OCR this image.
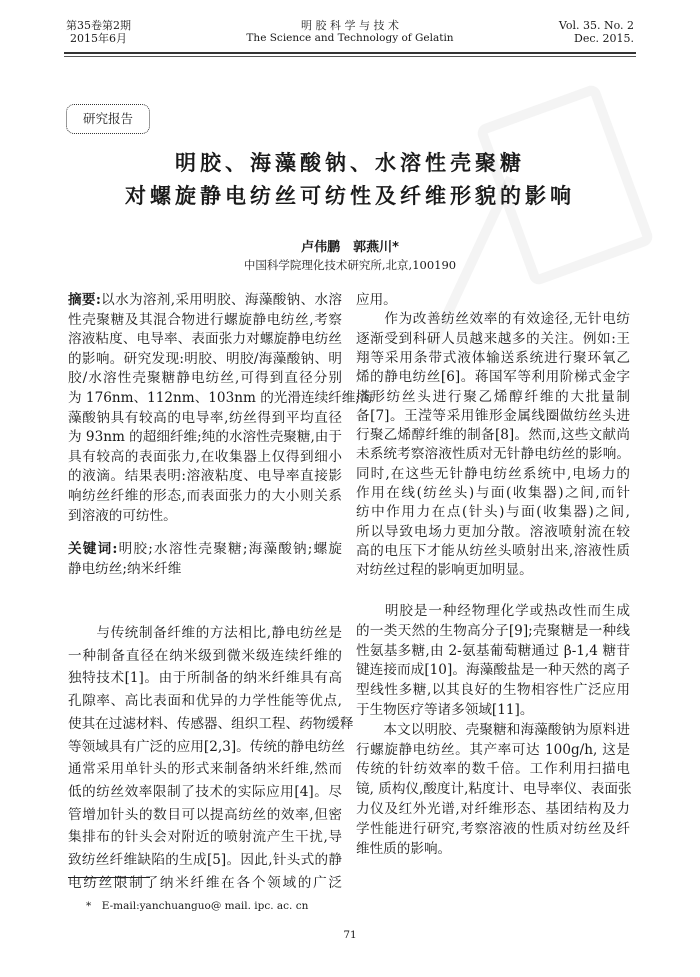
第35卷第2期
2015年6月
明 胶 科 学 与 技 术
The Science and Technology of Gelatin
Vol. 35. No. 2
Dec. 2015.
研究报告
明胶、海藻酸钠、水溶性壳聚糖
对螺旋静电纺丝可纺性及纤维形貌的影响
卢伟鹏　郭燕川*
中国科学院理化技术研究所,北京,100190
摘要:以水为溶剂,采用明胶、海藻酸钠、水溶
性壳聚糖及其混合物进行螺旋静电纺丝,考察
溶液粘度、电导率、表面张力对螺旋静电纺丝
的影响。研究发现:明胶、明胶/海藻酸钠、明
胶/水溶性壳聚糖静电纺丝,可得到直径分别
为 176nm、112nm、103nm 的光滑连续纤维;海
藻酸钠具有较高的电导率,纺丝得到平均直径
为 93nm 的超细纤维;纯的水溶性壳聚糖,由于
具有较高的表面张力,在收集器上仅得到细小
的液滴。结果表明:溶液粘度、电导率直接影
响纺丝纤维的形态,而表面张力的大小则关系
到溶液的可纺性。
关键词:明胶;水溶性壳聚糖;海藻酸钠;螺旋
静电纺丝;纳米纤维
　　与传统制备纤维的方法相比,静电纺丝是
一种制备直径在纳米级到微米级连续纤维的
独特技术[1]。由于所制备的纳米纤维具有高
孔隙率、高比表面和优异的力学性能等优点,
使其在过滤材料、传感器、组织工程、药物缓释
等领域具有广泛的应用[2,3]。传统的静电纺丝
通常采用单针头的形式来制备纳米纤维,然而
低的纺丝效率限制了技术的实际应用[4]。尽
管增加针头的数目可以提高纺丝的效率,但密
集排布的针头会对附近的喷射流产生干扰,导
致纺丝纤维缺陷的生成[5]。因此,针头式的静
电纺丝限制了纳米纤维在各个领域的广泛
应用。
　　作为改善纺丝效率的有效途径,无针电纺
逐渐受到科研人员越来越多的关注。例如:王
翔等采用条带式液体输送系统进行聚环氧乙
烯的静电纺丝[6]。蒋国军等利用阶梯式金字
塔形纺丝头进行聚乙烯醇纤维的大批量制
备[7]。王滢等采用锥形金属线圈做纺丝头进
行聚乙烯醇纤维的制备[8]。然而,这些文献尚
未系统考察溶液性质对无针静电纺丝的影响。
同时,在这些无针静电纺丝系统中,电场力的
作用在线(纺丝头)与面(收集器)之间,而针
纺中作用力在点(针头)与面(收集器)之间,
所以导致电场力更加分散。溶液喷射流在较
高的电压下才能从纺丝头喷射出来,溶液性质
对纺丝过程的影响更加明显。
　　明胶是一种经物理化学或热改性而生成
的一类天然的生物高分子[9];壳聚糖是一种线
性氨基多糖,由 2-氨基葡萄糖通过 β-1,4 糖苷
键连接而成[10]。海藻酸盐是一种天然的离子
型线性多糖,以其良好的生物相容性广泛应用
于生物医疗等诸多领域[11]。
　　本文以明胶、壳聚糖和海藻酸钠为原料进
行螺旋静电纺丝。其产率可达 100g/h, 这是
传统的针纺效率的数千倍。工作利用扫描电
镜, 质构仪,酸度计,粘度计、电导率仪、表面张
力仪及红外光谱,对纤维形态、基团结构及力
学性能进行研究,考察溶液的性质对纺丝及纤
维性质的影响。
*　E-mail:yanchuanguo@ mail. ipc. ac. cn
71
